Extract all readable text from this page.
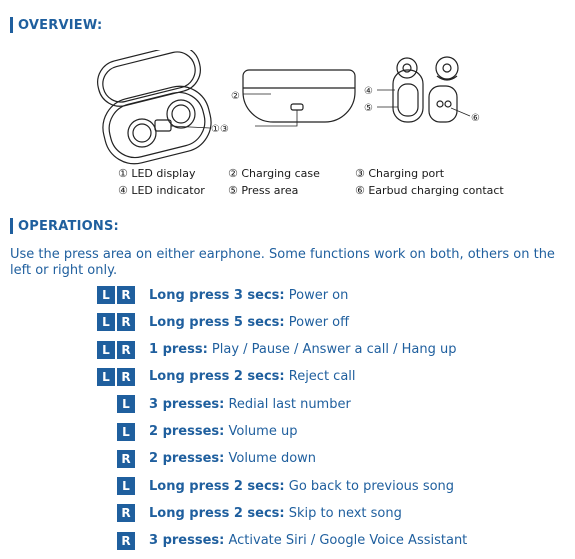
OVERVIEW:
①③
②	④
⑤
⑥
① LED display	② Charging case	③ Charging port
④ LED indicator ⑤ Press area	⑥ Earbud charging contact
OPERATIONS:
Use the press area on either earphone. Some functions work on both, others on the left or right only.
L R	Long press 3 secs: Power on
L R	Long press 5 secs: Power off
L R	1 press: Play / Pause / Answer a call / Hang up
L R	Long press 2 secs: Reject call
L	3 presses: Redial last number
L	2 presses: Volume up
R	2 presses: Volume down
L	Long press 2 secs: Go back to previous song
R	Long press 2 secs: Skip to next song
R	3 presses: Activate Siri / Google Voice Assistant
